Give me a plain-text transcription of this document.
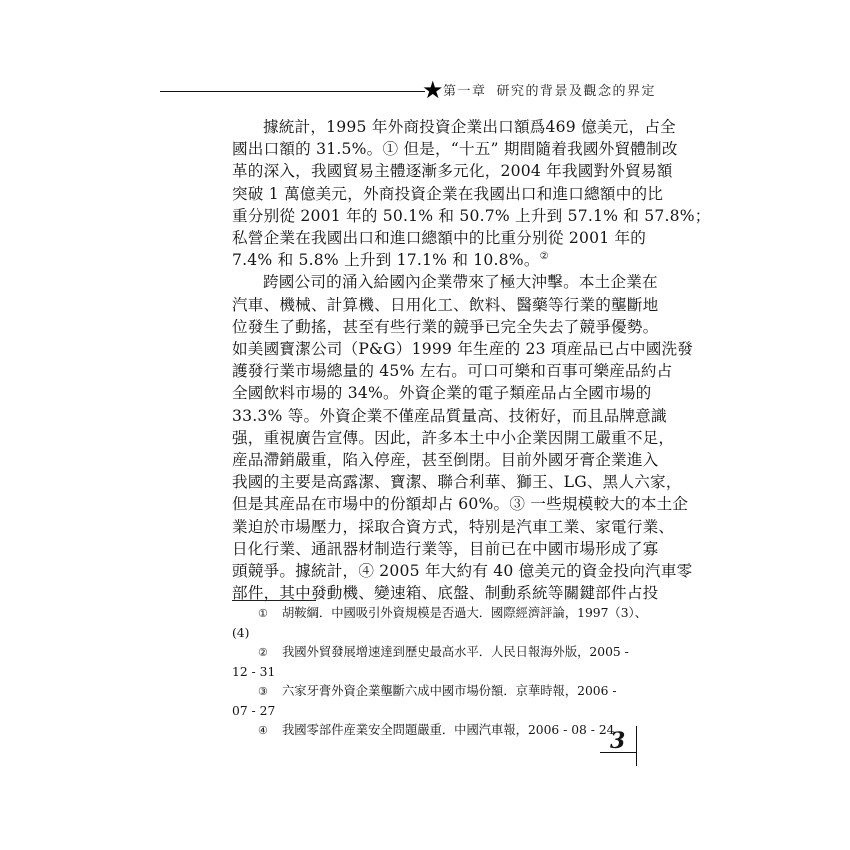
★ 第一章 研究的背景及觀念的界定
據統計，1995 年外商投資企業出口額爲469 億美元，占全
國出口額的 31.5%。① 但是，“十五” 期間隨着我國外貿體制改
革的深入，我國貿易主體逐漸多元化，2004 年我國對外貿易額
突破 1 萬億美元，外商投資企業在我國出口和進口總額中的比
重分别從 2001 年的 50.1% 和 50.7% 上升到 57.1% 和 57.8%；
私營企業在我國出口和進口總額中的比重分别從 2001 年的
7.4% 和 5.8% 上升到 17.1% 和 10.8%。②
跨國公司的涌入給國內企業帶來了極大沖擊。本土企業在
汽車、機械、計算機、日用化工、飲料、醫藥等行業的壟斷地
位發生了動搖，甚至有些行業的競爭已完全失去了競爭優勢。
如美國寶潔公司（P&G）1999 年生産的 23 項産品已占中國洗發
護發行業市場總量的 45% 左右。可口可樂和百事可樂産品約占
全國飲料市場的 34%。外資企業的電子類産品占全國市場的
33.3% 等。外資企業不僅産品質量高、技術好，而且品牌意識
强，重視廣告宣傳。因此，許多本土中小企業因開工嚴重不足，
産品滯銷嚴重，陷入停産，甚至倒閉。目前外國牙膏企業進入
我國的主要是高露潔、寶潔、聯合利華、獅王、LG、黑人六家，
但是其産品在市場中的份額却占 60%。③ 一些規模較大的本土企
業迫於市場壓力，採取合資方式，特别是汽車工業、家電行業、
日化行業、通訊器材制造行業等，目前已在中國市場形成了寡
頭競爭。據統計，④ 2005 年大約有 40 億美元的資金投向汽車零
部件，其中發動機、變速箱、底盤、制動系統等關鍵部件占投
① 胡鞍綱．中國吸引外資規模是否過大．國際經濟評論，1997（3）、
(4)
② 我國外貿發展增速達到歷史最高水平．人民日報海外版，2005 -
12 - 31
③ 六家牙膏外資企業壟斷六成中國市場份額．京華時報，2006 -
07 - 27
④ 我國零部件産業安全問題嚴重．中國汽車報，2006 - 08 - 24
3
